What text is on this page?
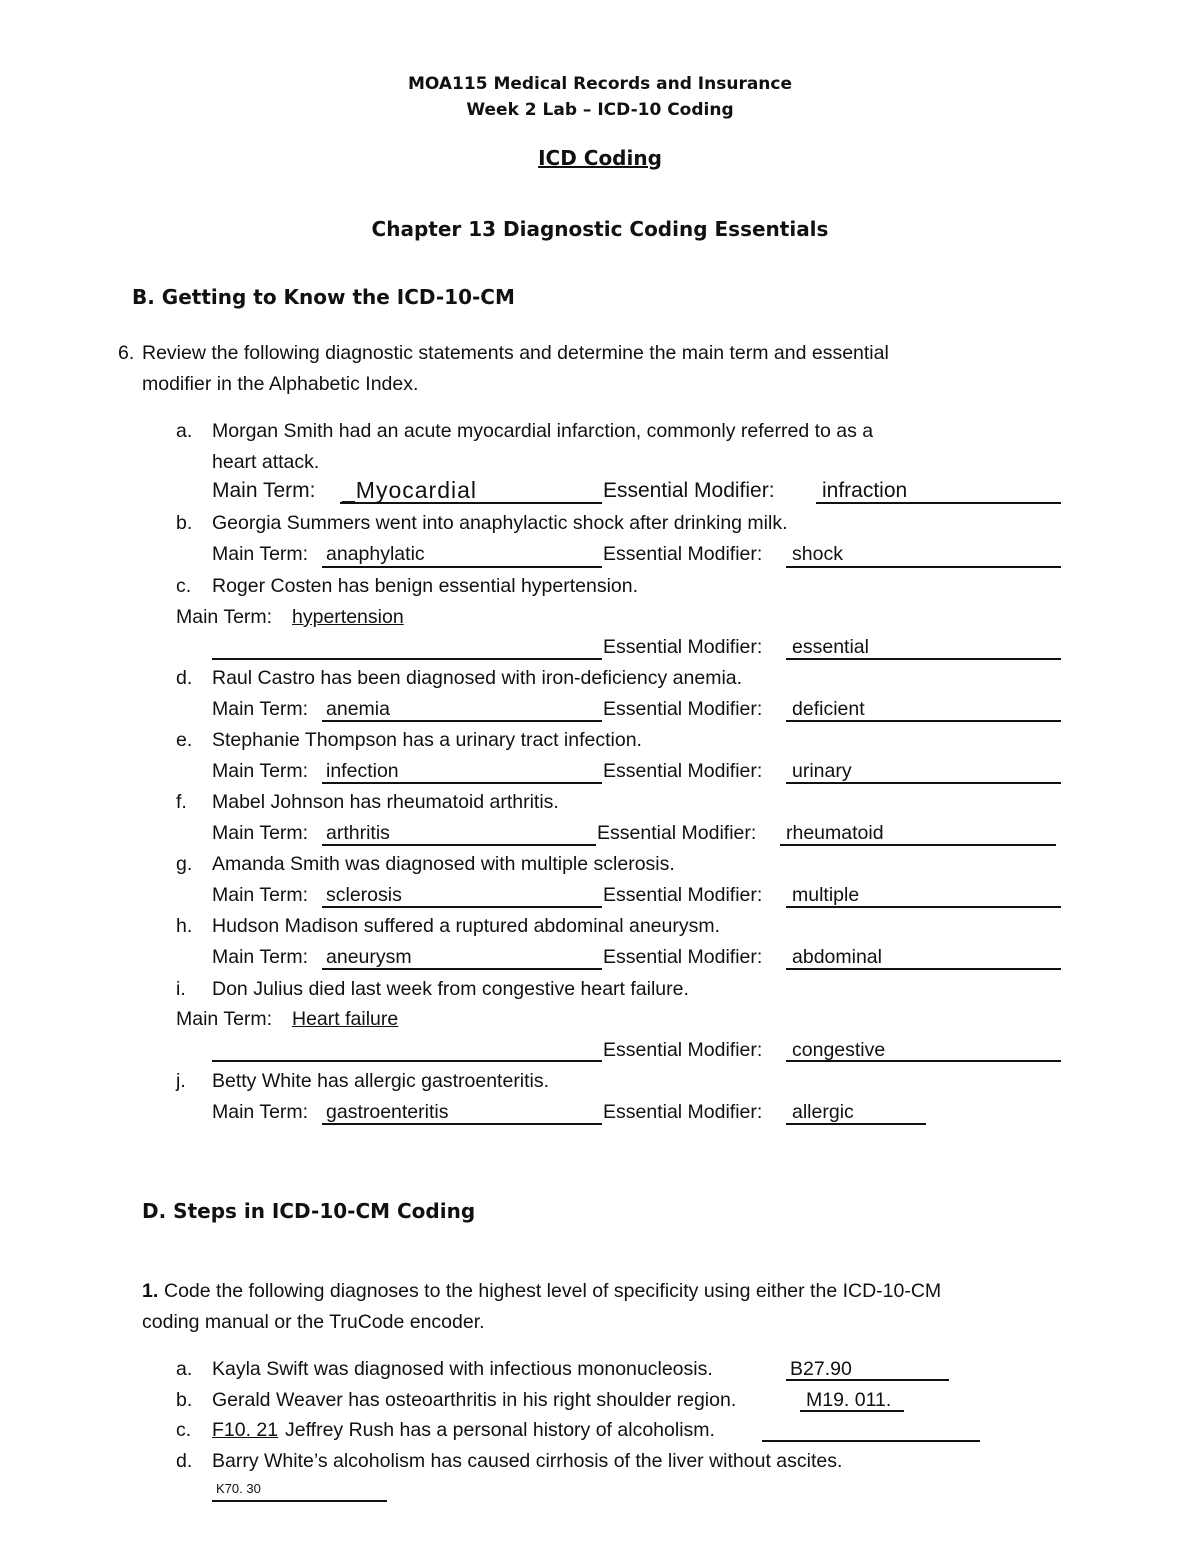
MOA115 Medical Records and Insurance
Week 2 Lab – ICD-10 Coding
ICD Coding
Chapter 13 Diagnostic Coding Essentials
B. Getting to Know the ICD-10-CM
6. Review the following diagnostic statements and determine the main term and essential
modifier in the Alphabetic Index.
a. Morgan Smith had an acute myocardial infarction, commonly referred to as a
heart attack.
Main Term: _Myocardial	Essential Modifier: infraction
b. Georgia Summers went into anaphylactic shock after drinking milk.
Main Term: anaphylatic	Essential Modifier: shock
c. Roger Costen has benign essential hypertension.
Main Term: hypertension
Essential Modifier: essential
d. Raul Castro has been diagnosed with iron-deficiency anemia.
Main Term: anemia	Essential Modifier: deficient
e. Stephanie Thompson has a urinary tract infection.
Main Term: infection	Essential Modifier: urinary
f. Mabel Johnson has rheumatoid arthritis.
Main Term: arthritis	Essential Modifier: rheumatoid
g. Amanda Smith was diagnosed with multiple sclerosis.
Main Term: sclerosis	Essential Modifier: multiple
h. Hudson Madison suffered a ruptured abdominal aneurysm.
Main Term: aneurysm	Essential Modifier: abdominal
i. Don Julius died last week from congestive heart failure.
Main Term: Heart failure
Essential Modifier: congestive
j. Betty White has allergic gastroenteritis.
Main Term: gastroenteritis	Essential Modifier: allergic
D. Steps in ICD-10-CM Coding
1. Code the following diagnoses to the highest level of specificity using either the ICD-10-CM
coding manual or the TruCode encoder.
a. Kayla Swift was diagnosed with infectious mononucleosis.	B27.90
b. Gerald Weaver has osteoarthritis in his right shoulder region.	M19. 011.
c. F10. 21 Jeffrey Rush has a personal history of alcoholism.
d. Barry White’s alcoholism has caused cirrhosis of the liver without ascites.
K70. 30
